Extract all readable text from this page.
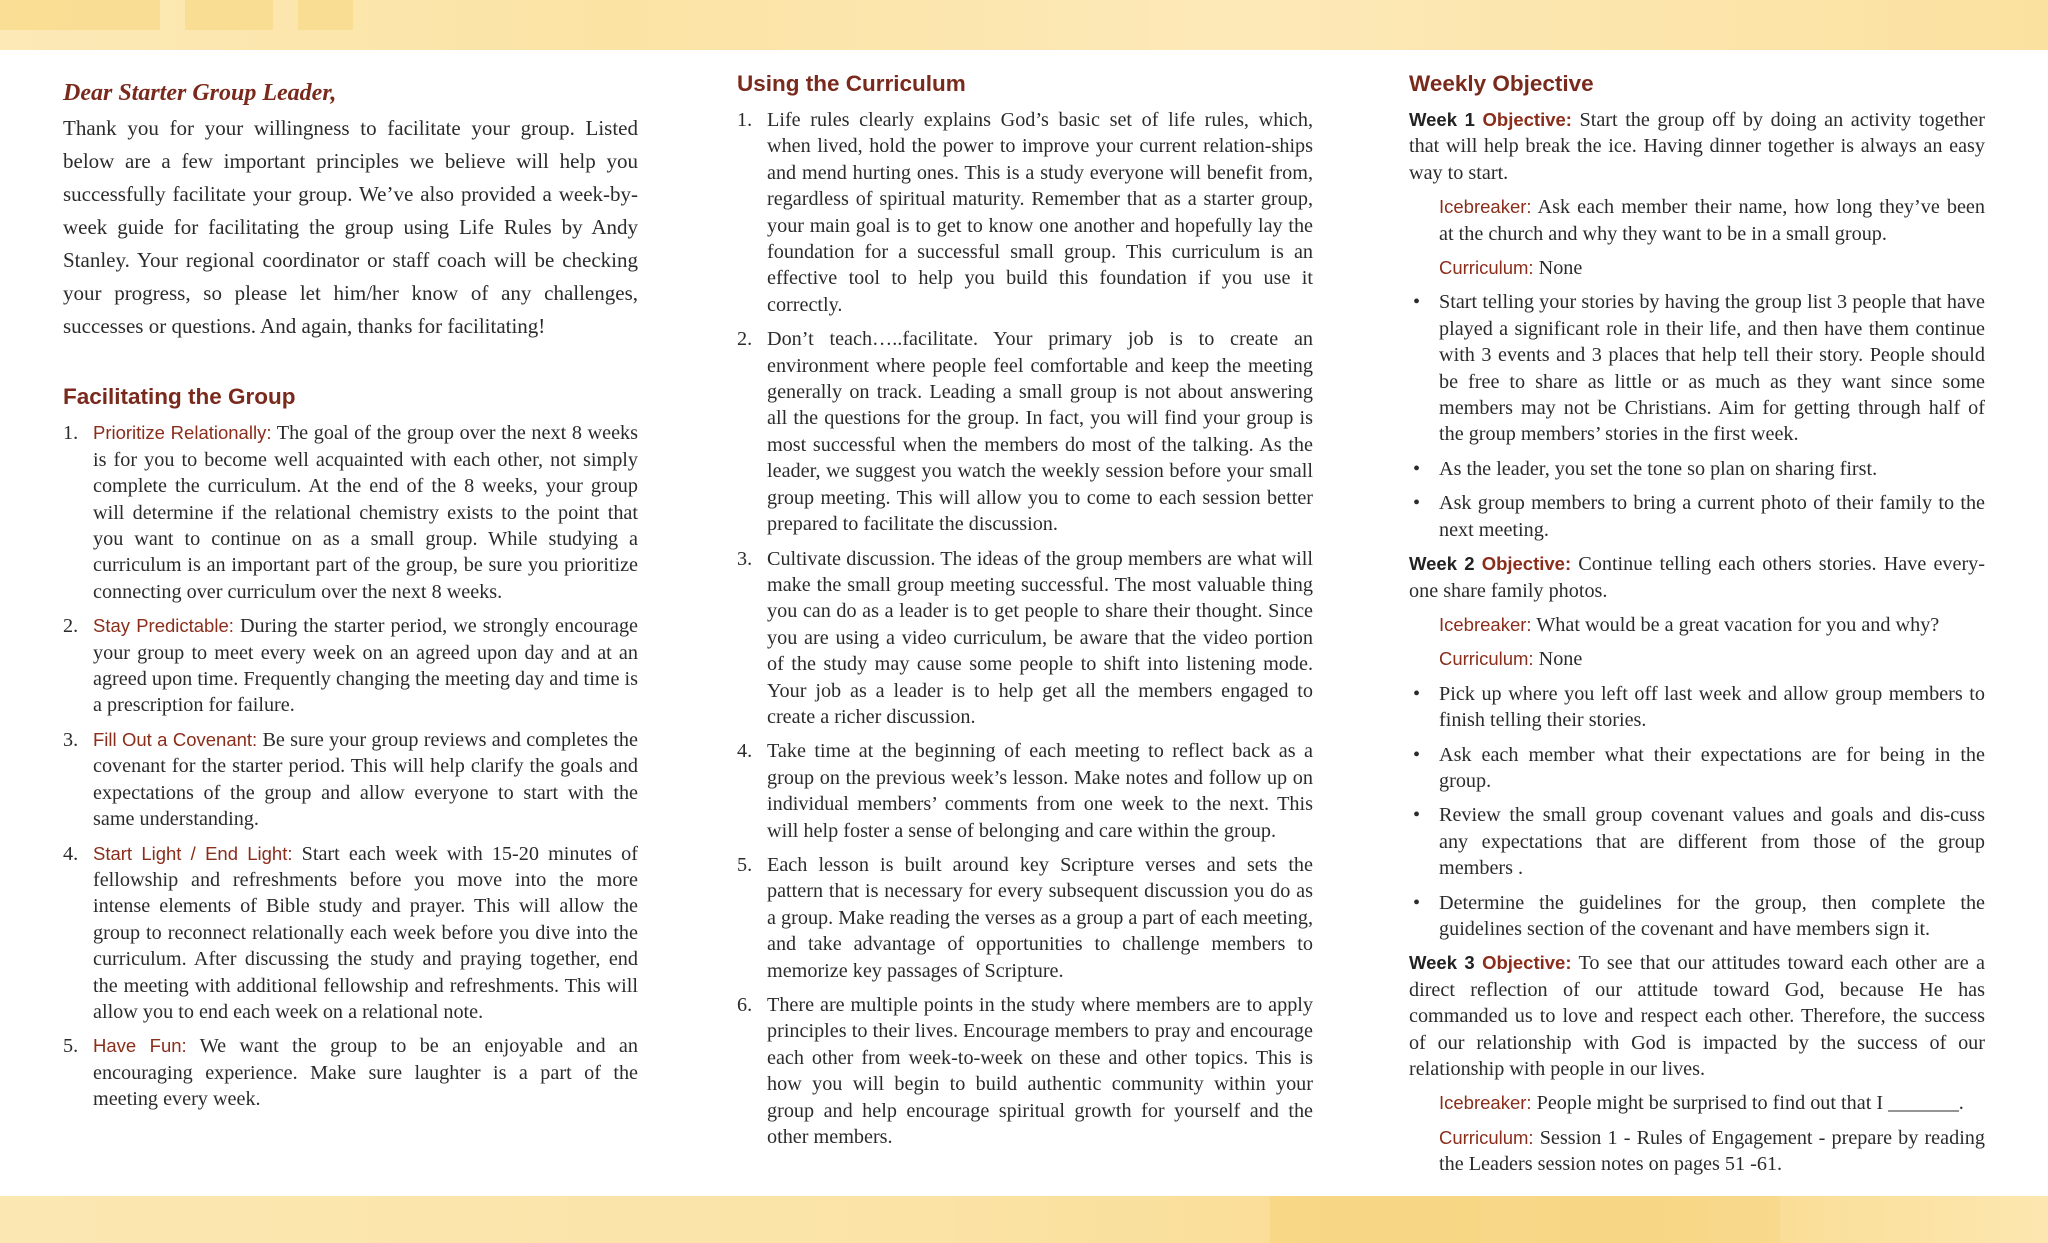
Dear Starter Group Leader,

Thank you for your willingness to facilitate your group. Listed below are a few important principles we believe will help you successfully facilitate your group. We’ve also provided a week-by-week guide for facilitating the group using Life Rules by Andy Stanley. Your regional coordinator or staff coach will be checking your progress, so please let him/her know of any challenges, successes or questions. And again, thanks for facilitating!

Facilitating the Group
1. Prioritize Relationally: The goal of the group over the next 8 weeks is for you to become well acquainted with each other, not simply complete the curriculum. At the end of the 8 weeks, your group will determine if the relational chemistry exists to the point that you want to continue on as a small group. While studying a curriculum is an important part of the group, be sure you prioritize connecting over curriculum over the next 8 weeks.
2. Stay Predictable: During the starter period, we strongly encourage your group to meet every week on an agreed upon day and at an agreed upon time. Frequently changing the meeting day and time is a prescription for failure.
3. Fill Out a Covenant: Be sure your group reviews and completes the covenant for the starter period. This will help clarify the goals and expectations of the group and allow everyone to start with the same understanding.
4. Start Light / End Light: Start each week with 15-20 minutes of fellowship and refreshments before you move into the more intense elements of Bible study and prayer. This will allow the group to reconnect relationally each week before you dive into the curriculum. After discussing the study and praying together, end the meeting with additional fellowship and refreshments. This will allow you to end each week on a relational note.
5. Have Fun: We want the group to be an enjoyable and an encouraging experience. Make sure laughter is a part of the meeting every week.
Using the Curriculum
1. Life rules clearly explains God’s basic set of life rules, which, when lived, hold the power to improve your current relation-ships and mend hurting ones. This is a study everyone will benefit from, regardless of spiritual maturity. Remember that as a starter group, your main goal is to get to know one another and hopefully lay the foundation for a successful small group. This curriculum is an effective tool to help you build this foundation if you use it correctly.
2. Don’t teach…..facilitate. Your primary job is to create an environment where people feel comfortable and keep the meeting generally on track. Leading a small group is not about answering all the questions for the group. In fact, you will find your group is most successful when the members do most of the talking. As the leader, we suggest you watch the weekly session before your small group meeting. This will allow you to come to each session better prepared to facilitate the discussion.
3. Cultivate discussion. The ideas of the group members are what will make the small group meeting successful. The most valuable thing you can do as a leader is to get people to share their thought. Since you are using a video curriculum, be aware that the video portion of the study may cause some people to shift into listening mode. Your job as a leader is to help get all the members engaged to create a richer discussion.
4. Take time at the beginning of each meeting to reflect back as a group on the previous week’s lesson. Make notes and follow up on individual members’ comments from one week to the next. This will help foster a sense of belonging and care within the group.
5. Each lesson is built around key Scripture verses and sets the pattern that is necessary for every subsequent discussion you do as a group. Make reading the verses as a group a part of each meeting, and take advantage of opportunities to challenge members to memorize key passages of Scripture.
6. There are multiple points in the study where members are to apply principles to their lives. Encourage members to pray and encourage each other from week-to-week on these and other topics. This is how you will begin to build authentic community within your group and help encourage spiritual growth for yourself and the other members.
Weekly Objective

Week 1 Objective: Start the group off by doing an activity together that will help break the ice. Having dinner together is always an easy way to start.

Icebreaker: Ask each member their name, how long they’ve been at the church and why they want to be in a small group.

Curriculum: None

• Start telling your stories by having the group list 3 people that have played a significant role in their life, and then have them continue with 3 events and 3 places that help tell their story. People should be free to share as little or as much as they want since some members may not be Christians. Aim for getting through half of the group members’ stories in the first week.
• As the leader, you set the tone so plan on sharing first.
• Ask group members to bring a current photo of their family to the next meeting.

Week 2 Objective: Continue telling each others stories. Have every-one share family photos.

Icebreaker: What would be a great vacation for you and why?

Curriculum: None

• Pick up where you left off last week and allow group members to finish telling their stories.
• Ask each member what their expectations are for being in the group.
• Review the small group covenant values and goals and dis-cuss any expectations that are different from those of the group members .
• Determine the guidelines for the group, then complete the guidelines section of the covenant and have members sign it.

Week 3 Objective: To see that our attitudes toward each other are a direct reflection of our attitude toward God, because He has commanded us to love and respect each other. Therefore, the success of our relationship with God is impacted by the success of our relationship with people in our lives.

Icebreaker: People might be surprised to find out that I _______.

Curriculum: Session 1 - Rules of Engagement - prepare by reading the Leaders session notes on pages 51 -61.
